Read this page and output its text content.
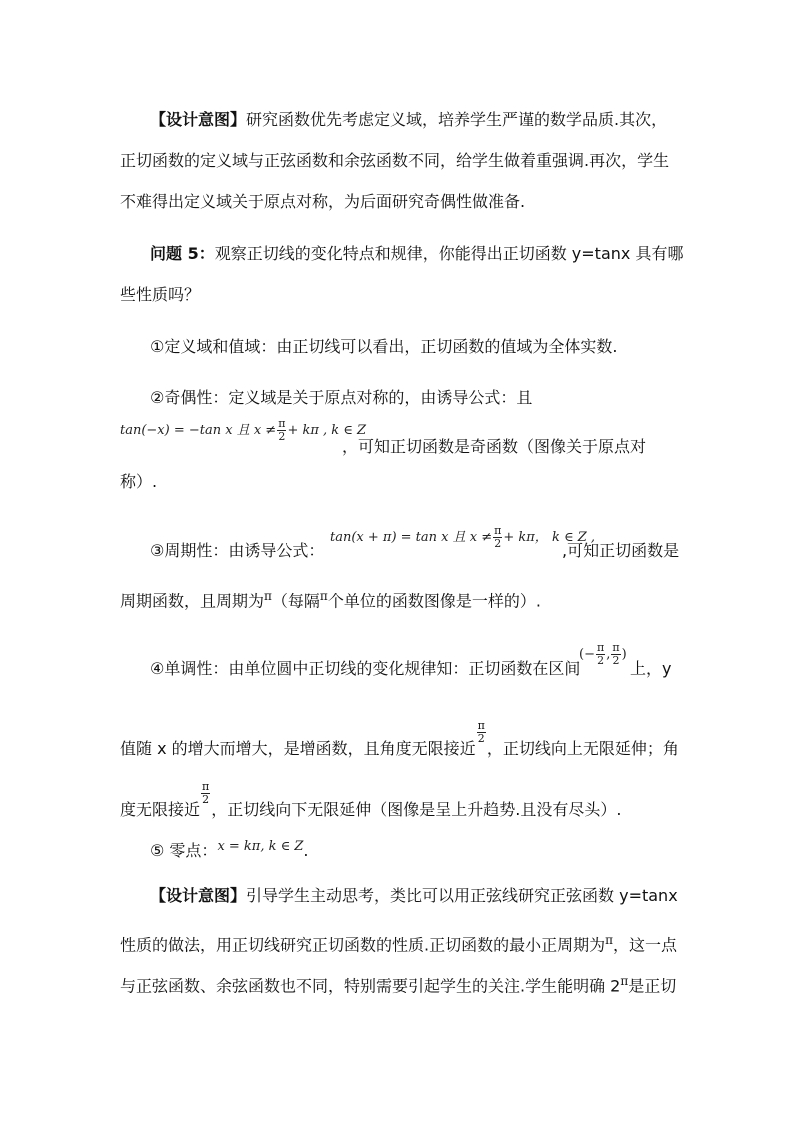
【设计意图】研究函数优先考虑定义域，培养学生严谨的数学品质.其次，
正切函数的定义域与正弦函数和余弦函数不同，给学生做着重强调.再次，学生
不难得出定义域关于原点对称，为后面研究奇偶性做准备.
问题 5：观察正切线的变化特点和规律，你能得出正切函数 y=tanx 具有哪
些性质吗？
①定义域和值域：由正切线可以看出，正切函数的值域为全体实数.
②奇偶性：定义域是关于原点对称的，由诱导公式：且
tan(−x) = −tan x 且 $x \ne \frac{\pi}{2} + k\pi$ , k ∈ Z
，可知正切函数是奇函数（图像关于原点对
称）.
tan(x + π) = tan x 且 $x \ne \frac{\pi}{2} + k\pi$， k ∈ Z ,
③周期性：由诱导公式：	,可知正切函数是
周期函数，且周期为$^\pi$（每隔$^\pi$个单位的函数图像是一样的）.
④单调性：由单位圆中正切线的变化规律知：正切函数在区间
(− $\frac{\pi}{2}$ , $\frac{\pi}{2}$ )
上，y
值随 x 的增大而增大，是增函数，且角度无限接近
$\frac{\pi}{2}$
，正切线向上无限延伸；角
度无限接近
$\frac{\pi}{2}$
，正切线向下无限延伸（图像是呈上升趋势.且没有尽头）.
⑤ 零点：$^{x = k\pi, k \in Z}$.
【设计意图】引导学生主动思考，类比可以用正弦线研究正弦函数 y=tanx
性质的做法，用正切线研究正切函数的性质.正切函数的最小正周期为$^\pi$，这一点
与正弦函数、余弦函数也不同，特别需要引起学生的关注.学生能明确 $2^\pi$是正切
